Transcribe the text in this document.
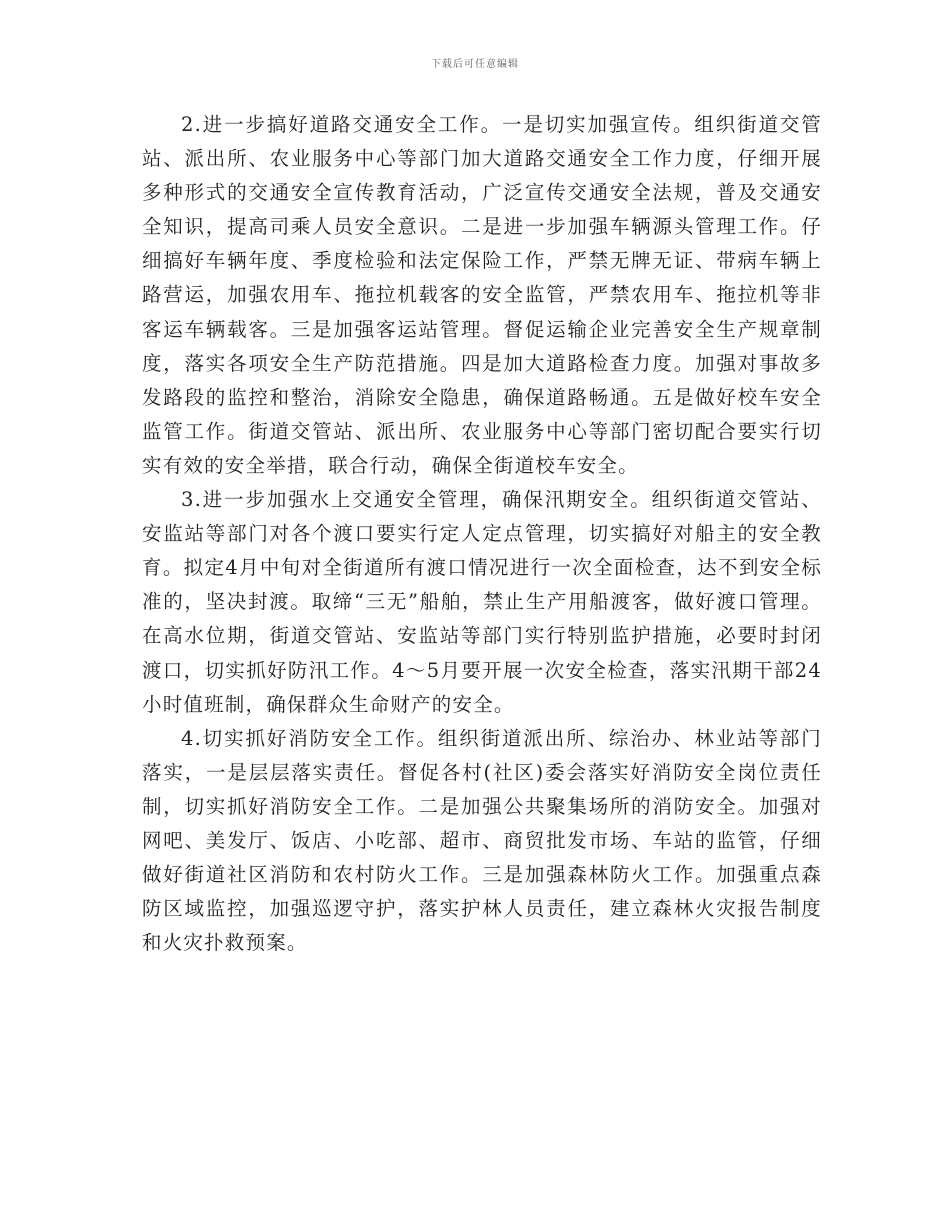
下载后可任意编辑

2.进一步搞好道路交通安全工作。一是切实加强宣传。组织街道交管站、派出所、农业服务中心等部门加大道路交通安全工作力度，仔细开展多种形式的交通安全宣传教育活动，广泛宣传交通安全法规，普及交通安全知识，提高司乘人员安全意识。二是进一步加强车辆源头管理工作。仔细搞好车辆年度、季度检验和法定保险工作，严禁无牌无证、带病车辆上路营运，加强农用车、拖拉机载客的安全监管，严禁农用车、拖拉机等非客运车辆载客。三是加强客运站管理。督促运输企业完善安全生产规章制度，落实各项安全生产防范措施。四是加大道路检查力度。加强对事故多发路段的监控和整治，消除安全隐患，确保道路畅通。五是做好校车安全监管工作。街道交管站、派出所、农业服务中心等部门密切配合要实行切实有效的安全举措，联合行动，确保全街道校车安全。

3.进一步加强水上交通安全管理，确保汛期安全。组织街道交管站、安监站等部门对各个渡口要实行定人定点管理，切实搞好对船主的安全教育。拟定4月中旬对全街道所有渡口情况进行一次全面检查，达不到安全标准的，坚决封渡。取缔“三无”船舶，禁止生产用船渡客，做好渡口管理。在高水位期，街道交管站、安监站等部门实行特别监护措施，必要时封闭渡口，切实抓好防汛工作。4～5月要开展一次安全检查，落实汛期干部24小时值班制，确保群众生命财产的安全。

4.切实抓好消防安全工作。组织街道派出所、综治办、林业站等部门落实，一是层层落实责任。督促各村(社区)委会落实好消防安全岗位责任制，切实抓好消防安全工作。二是加强公共聚集场所的消防安全。加强对网吧、美发厅、饭店、小吃部、超市、商贸批发市场、车站的监管，仔细做好街道社区消防和农村防火工作。三是加强森林防火工作。加强重点森防区域监控，加强巡逻守护，落实护林人员责任，建立森林火灾报告制度和火灾扑救预案。
